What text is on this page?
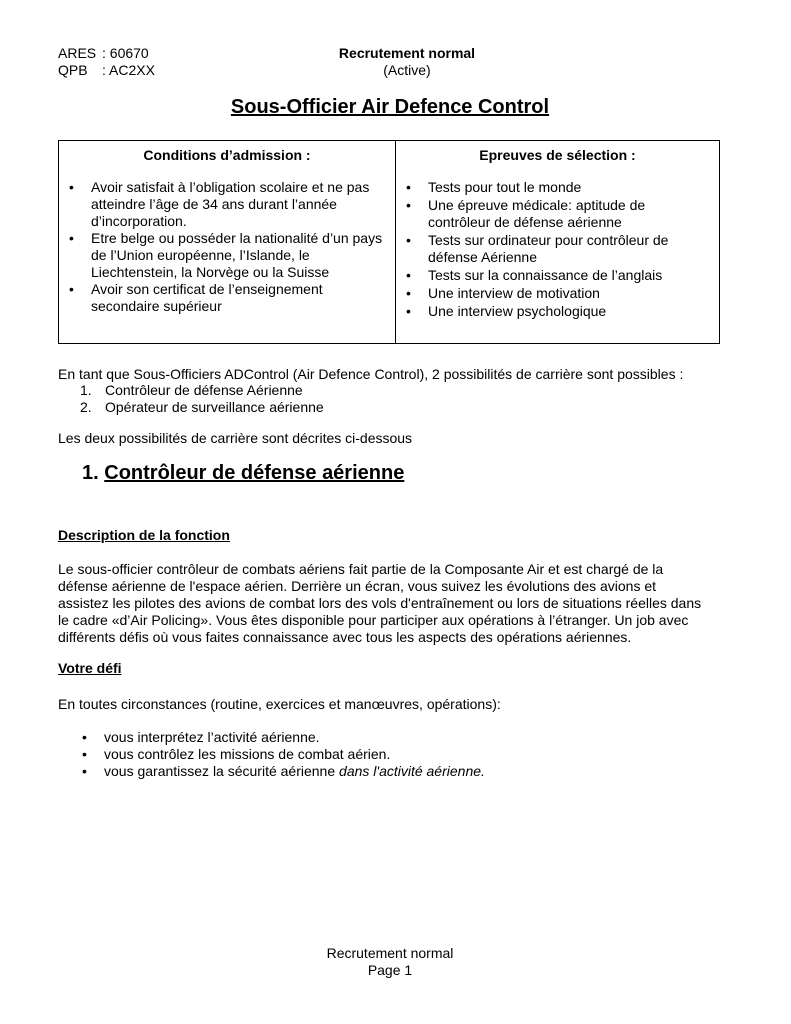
ARES : 60670
QPB : AC2XX
Recrutement normal
(Active)
Sous-Officier Air Defence Control
Conditions d’admission :
• Avoir satisfait à l’obligation scolaire et ne pas atteindre l’âge de 34 ans durant l’année d’incorporation.
• Etre belge ou posséder la nationalité d’un pays de l’Union européenne, l’Islande, le Liechtenstein, la Norvège ou la Suisse
• Avoir son certificat de l’enseignement secondaire supérieur
Epreuves de sélection :
• Tests pour tout le monde
• Une épreuve médicale: aptitude de contrôleur de défense aérienne
• Tests sur ordinateur pour contrôleur de défense Aérienne
• Tests sur la connaissance de l’anglais
• Une interview de motivation
• Une interview psychologique
En tant que Sous-Officiers ADControl (Air Defence Control), 2 possibilités de carrière sont possibles :
1. Contrôleur de défense Aérienne
2. Opérateur de surveillance aérienne
Les deux possibilités de carrière sont décrites ci-dessous
1. Contrôleur de défense aérienne
Description de la fonction
Le sous-officier contrôleur de combats aériens fait partie de la Composante Air et est chargé de la
défense aérienne de l'espace aérien. Derrière un écran, vous suivez les évolutions des avions et
assistez les pilotes des avions de combat lors des vols d'entraînement ou lors de situations réelles dans
le cadre «d’Air Policing». Vous êtes disponible pour participer aux opérations à l’étranger. Un job avec
différents défis où vous faites connaissance avec tous les aspects des opérations aériennes.
Votre défi
En toutes circonstances (routine, exercices et manœuvres, opérations):
• vous interprétez l’activité aérienne.
• vous contrôlez les missions de combat aérien.
• vous garantissez la sécurité aérienne dans l'activité aérienne.
Recrutement normal
Page 1
